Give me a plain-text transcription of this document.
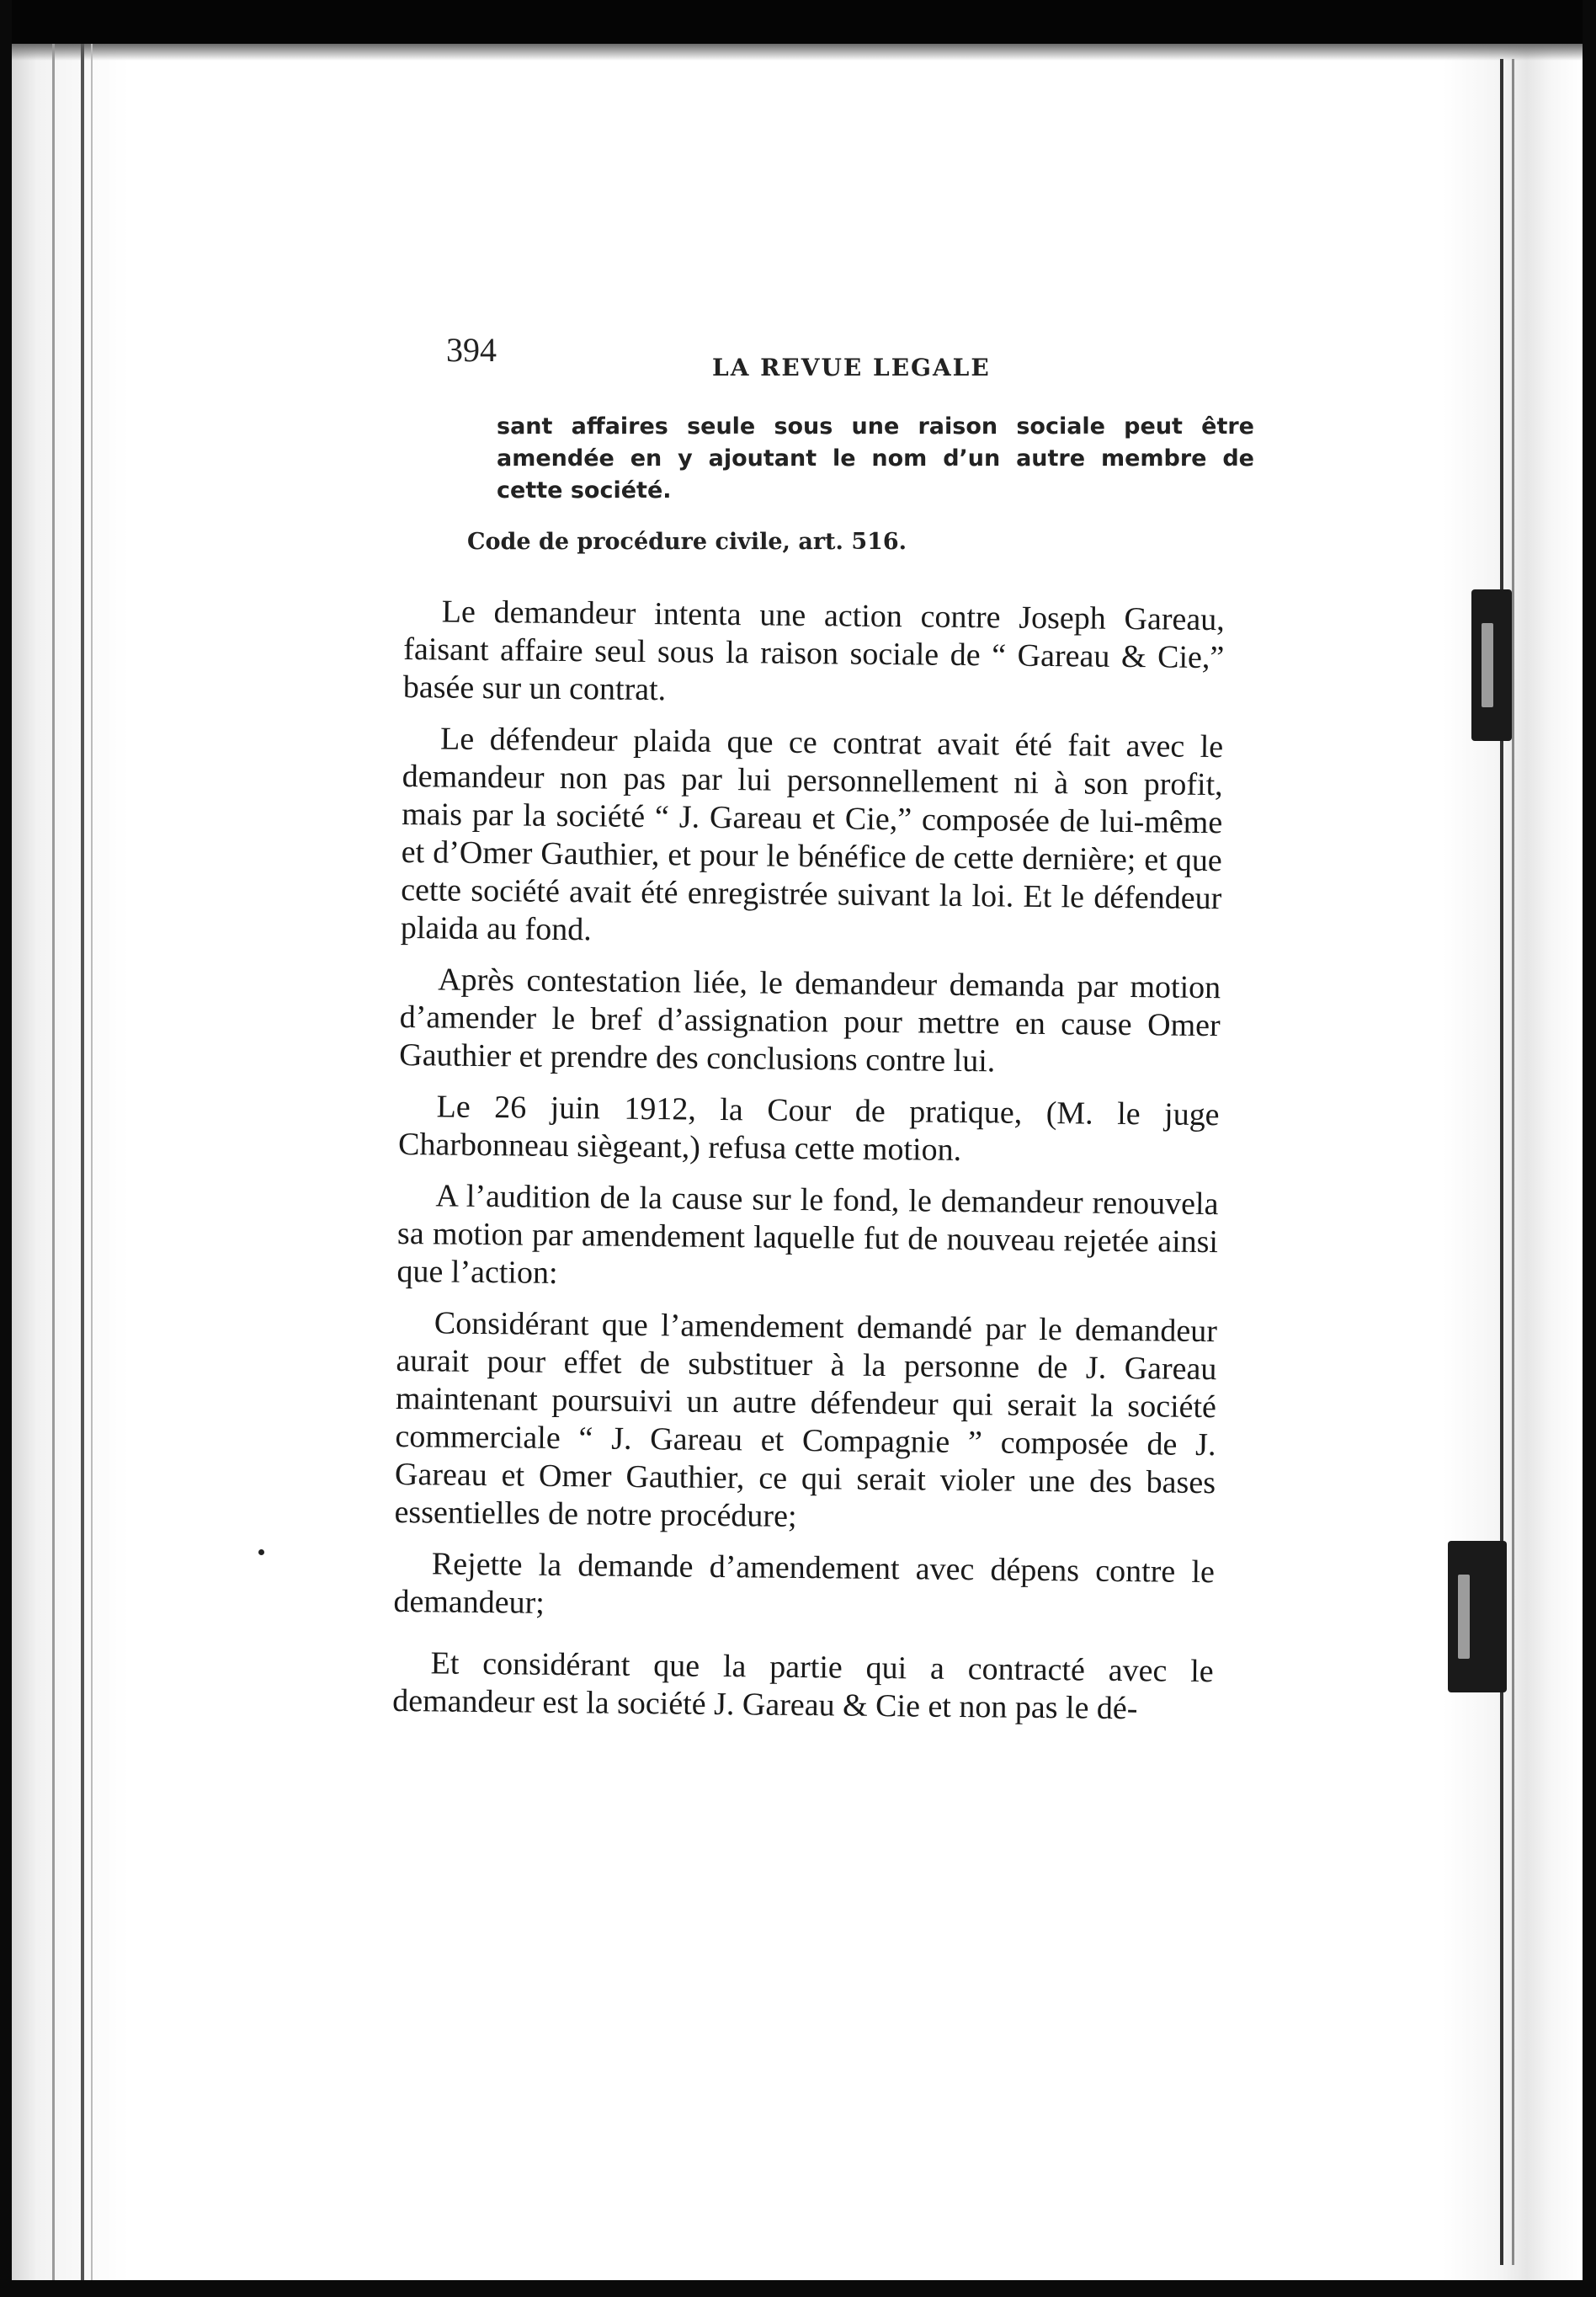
394	LA REVUE LEGALE

sant affaires seule sous une raison sociale peut être amendée en y ajoutant le nom d’un autre membre de cette société.

Code de procédure civile, art. 516.

Le demandeur intenta une action contre Joseph Gareau, faisant affaire seul sous la raison sociale de “ Gareau & Cie,” basée sur un contrat.

Le défendeur plaida que ce contrat avait été fait avec le demandeur non pas par lui personnellement ni à son profit, mais par la société “ J. Gareau et Cie,” composée de lui-même et d’Omer Gauthier, et pour le bénéfice de cette dernière; et que cette société avait été enregistrée suivant la loi. Et le défendeur plaida au fond.

Après contestation liée, le demandeur demanda par motion d’amender le bref d’assignation pour mettre en cause Omer Gauthier et prendre des conclusions contre lui.

Le 26 juin 1912, la Cour de pratique, (M. le juge Charbonneau siègeant,) refusa cette motion.

A l’audition de la cause sur le fond, le demandeur renouvela sa motion par amendement laquelle fut de nouveau rejetée ainsi que l’action:

Considérant que l’amendement demandé par le demandeur aurait pour effet de substituer à la personne de J. Gareau maintenant poursuivi un autre défendeur qui serait la société commerciale “ J. Gareau et Compagnie ” composée de J. Gareau et Omer Gauthier, ce qui serait violer une des bases essentielles de notre procédure;

Rejette la demande d’amendement avec dépens contre le demandeur;

Et considérant que la partie qui a contracté avec le demandeur est la société J. Gareau & Cie et non pas le dé-
